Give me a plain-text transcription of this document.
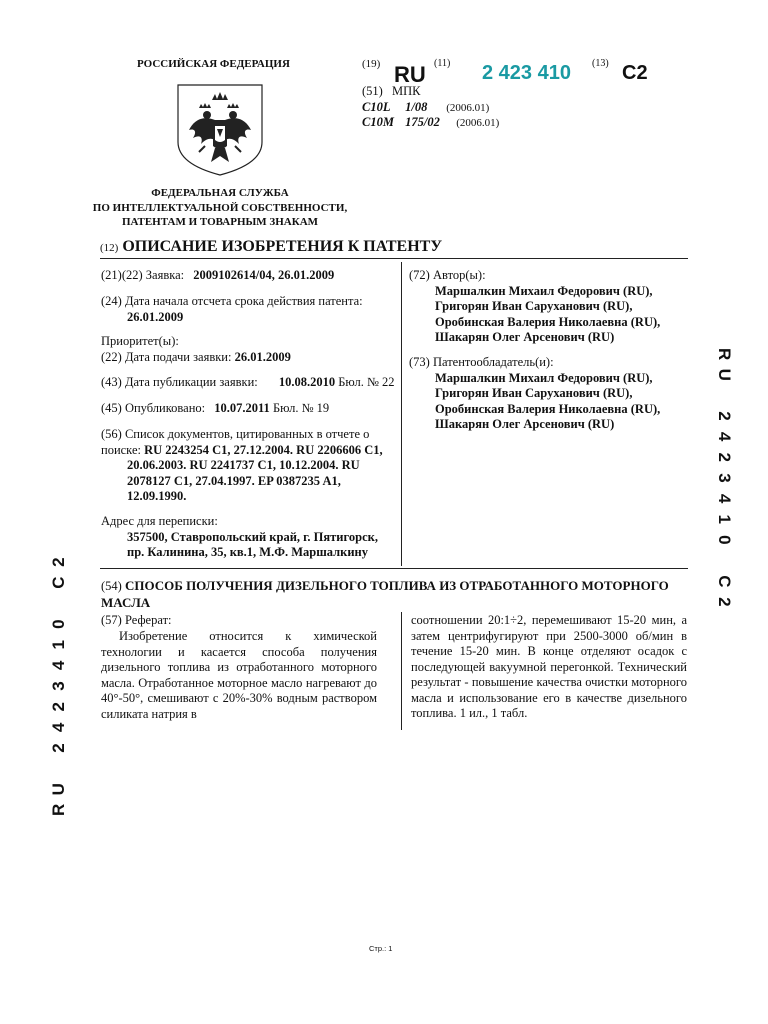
РОССИЙСКАЯ ФЕДЕРАЦИЯ
ФЕДЕРАЛЬНАЯ СЛУЖБА
ПО ИНТЕЛЛЕКТУАЛЬНОЙ СОБСТВЕННОСТИ,
ПАТЕНТАМ И ТОВАРНЫМ ЗНАКАМ
(19) RU (11) 2 423 410 (13) C2
(51) МПК
C10L 1/08 (2006.01)
C10M 175/02 (2006.01)
(12) ОПИСАНИЕ ИЗОБРЕТЕНИЯ К ПАТЕНТУ
(21)(22) Заявка: 2009102614/04, 26.01.2009
(24) Дата начала отсчета срока действия патента:
26.01.2009
Приоритет(ы):
(22) Дата подачи заявки: 26.01.2009
(43) Дата публикации заявки: 10.08.2010 Бюл. № 22
(45) Опубликовано: 10.07.2011 Бюл. № 19
(56) Список документов, цитированных в отчете о
поиске: RU 2243254 C1, 27.12.2004. RU 2206606 C1,
20.06.2003. RU 2241737 C1, 10.12.2004. RU
2078127 C1, 27.04.1997. EP 0387235 A1,
12.09.1990.
Адрес для переписки:
357500, Ставропольский край, г. Пятигорск,
пр. Калинина, 35, кв.1, М.Ф. Маршалкину
(72) Автор(ы):
Маршалкин Михаил Федорович (RU),
Григорян Иван Саруханович (RU),
Оробинская Валерия Николаевна (RU),
Шакарян Олег Арсенович (RU)
(73) Патентообладатель(и):
Маршалкин Михаил Федорович (RU),
Григорян Иван Саруханович (RU),
Оробинская Валерия Николаевна (RU),
Шакарян Олег Арсенович (RU)
(54) СПОСОБ ПОЛУЧЕНИЯ ДИЗЕЛЬНОГО ТОПЛИВА ИЗ ОТРАБОТАННОГО МОТОРНОГО
МАСЛА
(57) Реферат:
Изобретение относится к химической технологии и касается способа получения дизельного топлива из отработанного моторного масла. Отработанное моторное масло нагревают до 40°-50°, смешивают с 20%-30% водным раствором силиката натрия в
соотношении 20:1÷2, перемешивают 15-20 мин, а затем центрифугируют при 2500-3000 об/мин в течение 15-20 мин. В конце отделяют осадок с последующей вакуумной перегонкой. Технический результат - повышение качества очистки моторного масла и использование его в качестве дизельного топлива. 1 ил., 1 табл.
R
U
2
4
2
3
4
1
0
C
2
R
U
2
4
2
3
4
1
0
C
2
Стр.: 1
